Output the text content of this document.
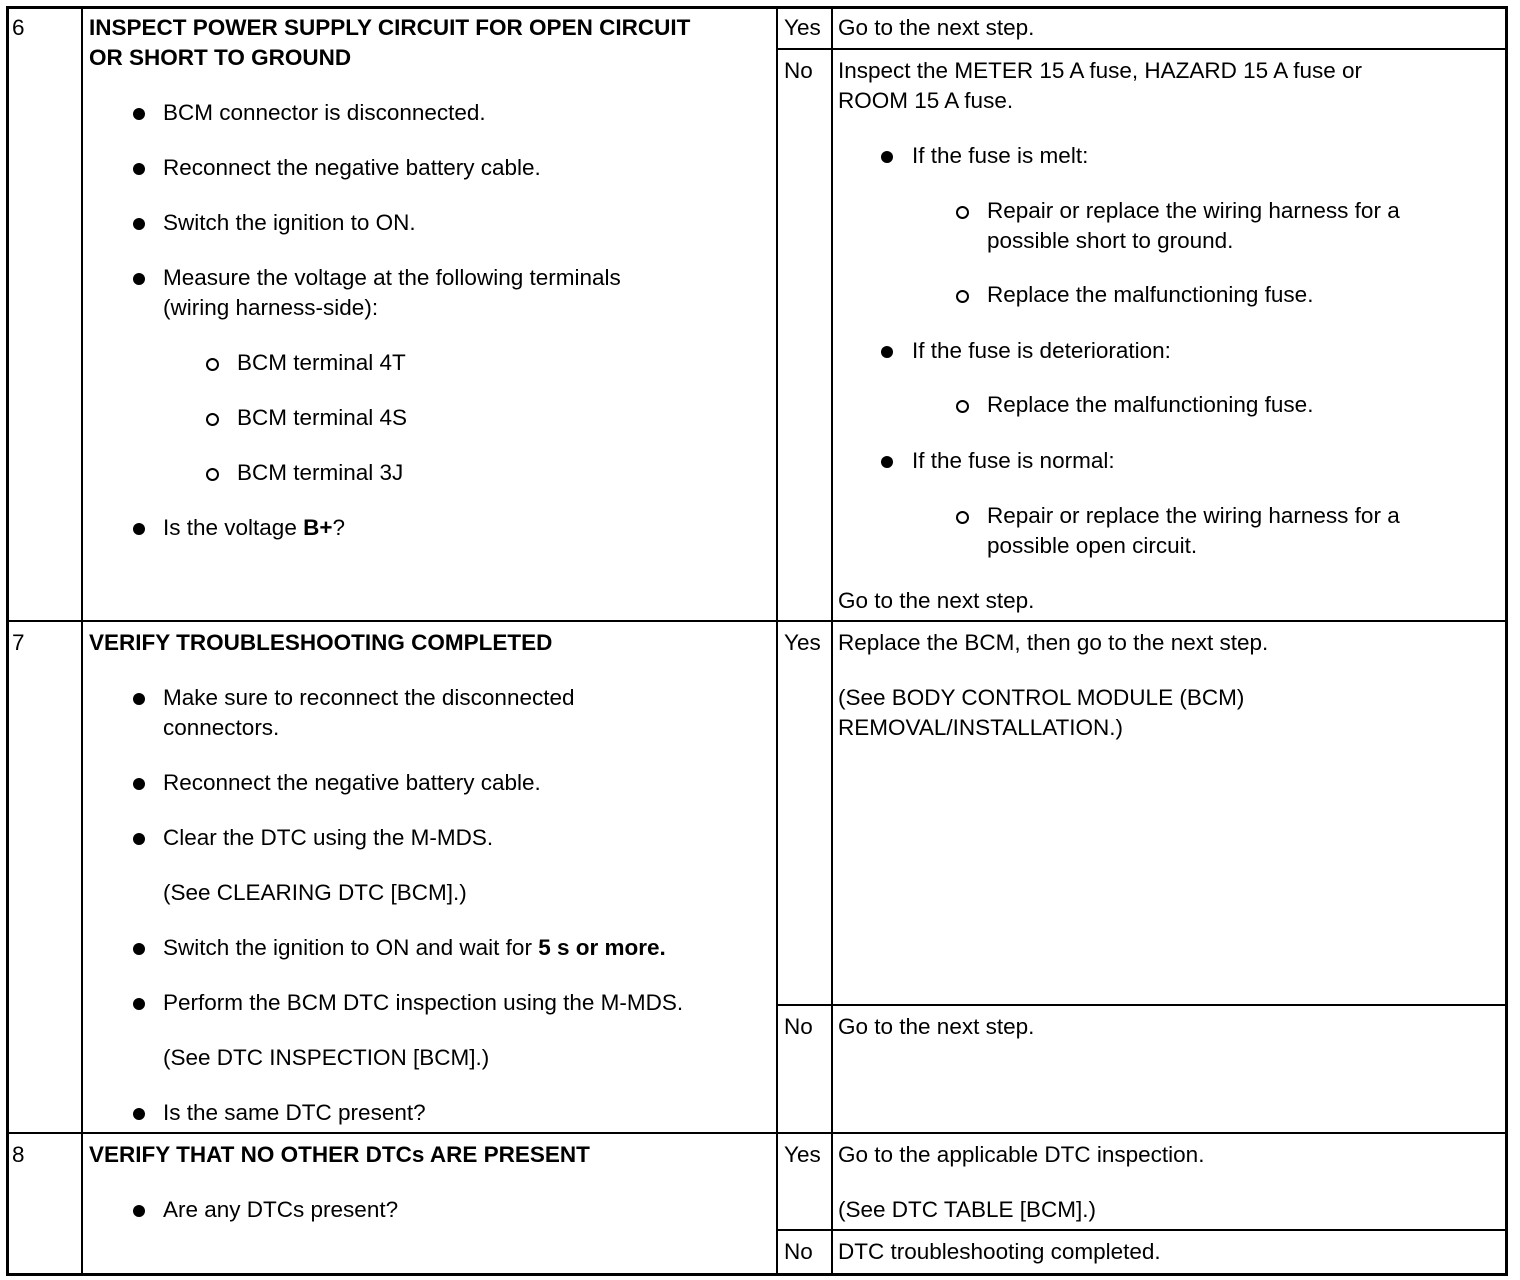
6	INSPECT POWER SUPPLY CIRCUIT FOR OPEN CIRCUIT
OR SHORT TO GROUND
BCM connector is disconnected.
Reconnect the negative battery cable.
Switch the ignition to ON.
Measure the voltage at the following terminals
(wiring harness-side):
BCM terminal 4T
BCM terminal 4S
BCM terminal 3J
Is the voltage B+?
Yes Go to the next step.
No Inspect the METER 15 A fuse, HAZARD 15 A fuse or
ROOM 15 A fuse.
If the fuse is melt:
Repair or replace the wiring harness for a
possible short to ground.
Replace the malfunctioning fuse.
If the fuse is deterioration:
Replace the malfunctioning fuse.
If the fuse is normal:
Repair or replace the wiring harness for a
possible open circuit.
Go to the next step.
7	VERIFY TROUBLESHOOTING COMPLETED
Make sure to reconnect the disconnected
connectors.
Reconnect the negative battery cable.
Clear the DTC using the M-MDS.
(See CLEARING DTC [BCM].)
Switch the ignition to ON and wait for 5 s or more.
Perform the BCM DTC inspection using the M-MDS.
(See DTC INSPECTION [BCM].)
Is the same DTC present?
Yes Replace the BCM, then go to the next step.
(See BODY CONTROL MODULE (BCM)
REMOVAL/INSTALLATION.)
No Go to the next step.
8	VERIFY THAT NO OTHER DTCs ARE PRESENT
Are any DTCs present?
Yes Go to the applicable DTC inspection.
(See DTC TABLE [BCM].)
No DTC troubleshooting completed.
